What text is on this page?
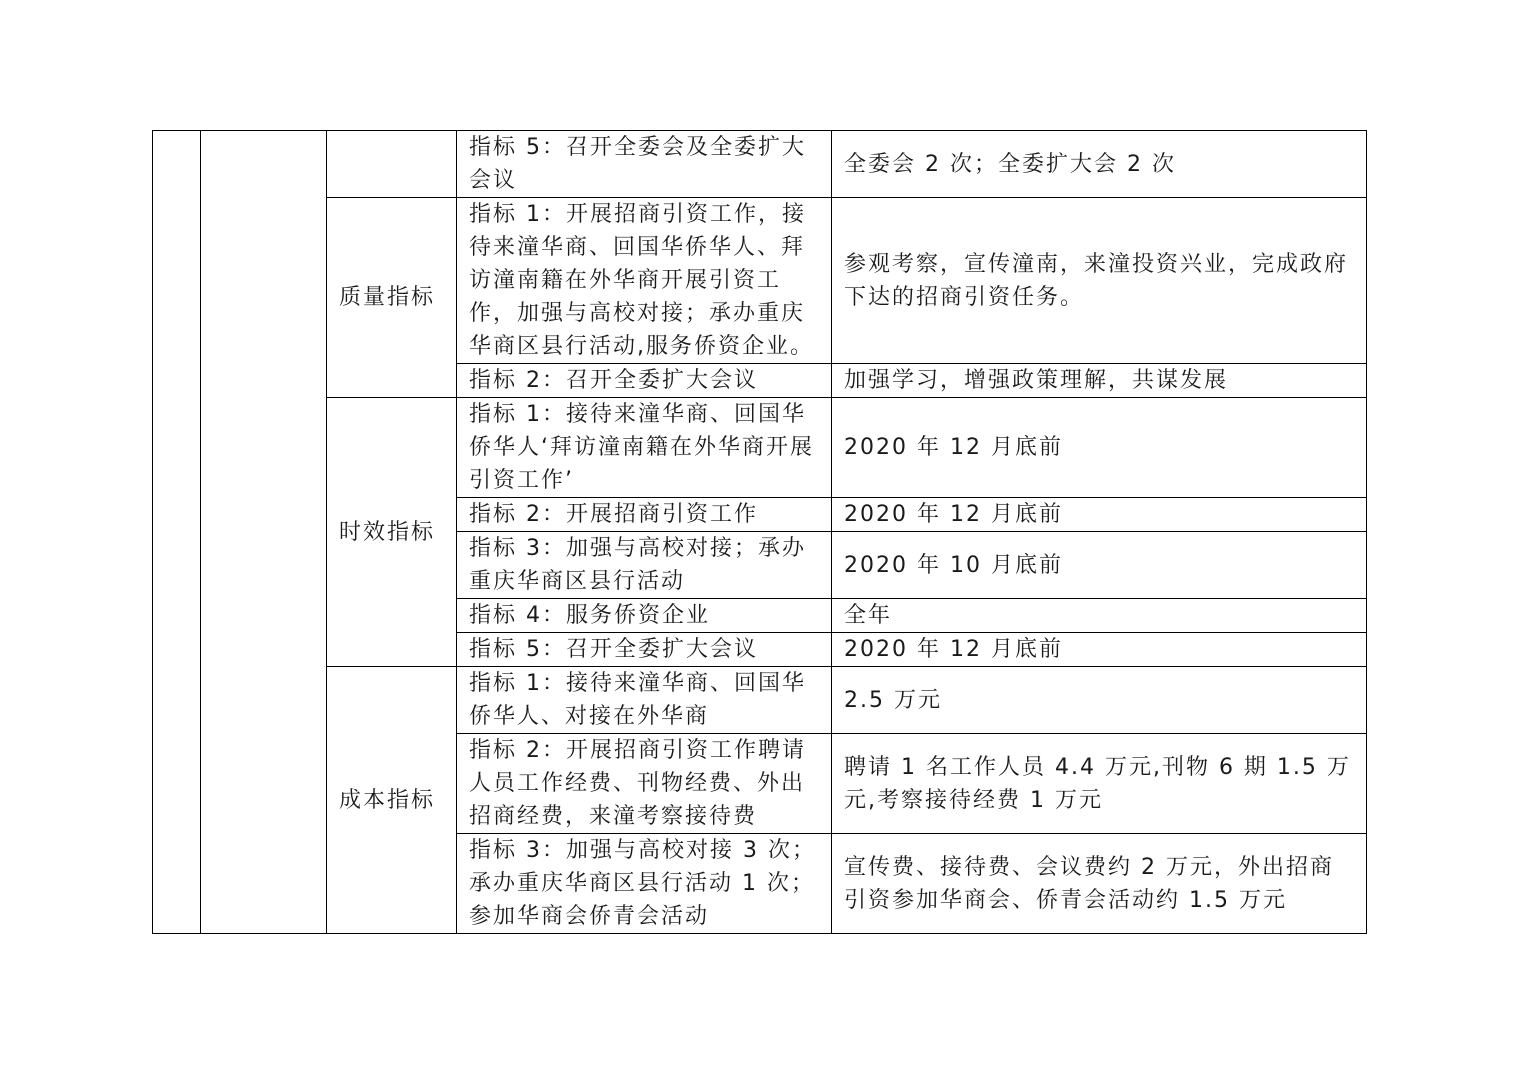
			指标 5：召开全委会及全委扩大会议	全委会 2 次；全委扩大会 2 次
		质量指标	指标 1：开展招商引资工作，接待来潼华商、回国华侨华人、拜访潼南籍在外华商开展引资工作，加强与高校对接；承办重庆华商区县行活动,服务侨资企业。	参观考察，宣传潼南，来潼投资兴业，完成政府下达的招商引资任务。
			指标 2：召开全委扩大会议	加强学习，增强政策理解，共谋发展
		时效指标	指标 1：接待来潼华商、回国华侨华人‘拜访潼南籍在外华商开展引资工作’	2020 年 12 月底前
			指标 2：开展招商引资工作	2020 年 12 月底前
			指标 3：加强与高校对接；承办重庆华商区县行活动	2020 年 10 月底前
			指标 4：服务侨资企业	全年
			指标 5：召开全委扩大会议	2020 年 12 月底前
		成本指标	指标 1：接待来潼华商、回国华侨华人、对接在外华商	2.5 万元
			指标 2：开展招商引资工作聘请人员工作经费、刊物经费、外出招商经费，来潼考察接待费	聘请 1 名工作人员 4.4 万元,刊物 6 期 1.5 万元,考察接待经费 1 万元
			指标 3：加强与高校对接 3 次；承办重庆华商区县行活动 1 次；参加华商会侨青会活动	宣传费、接待费、会议费约 2 万元，外出招商引资参加华商会、侨青会活动约 1.5 万元
